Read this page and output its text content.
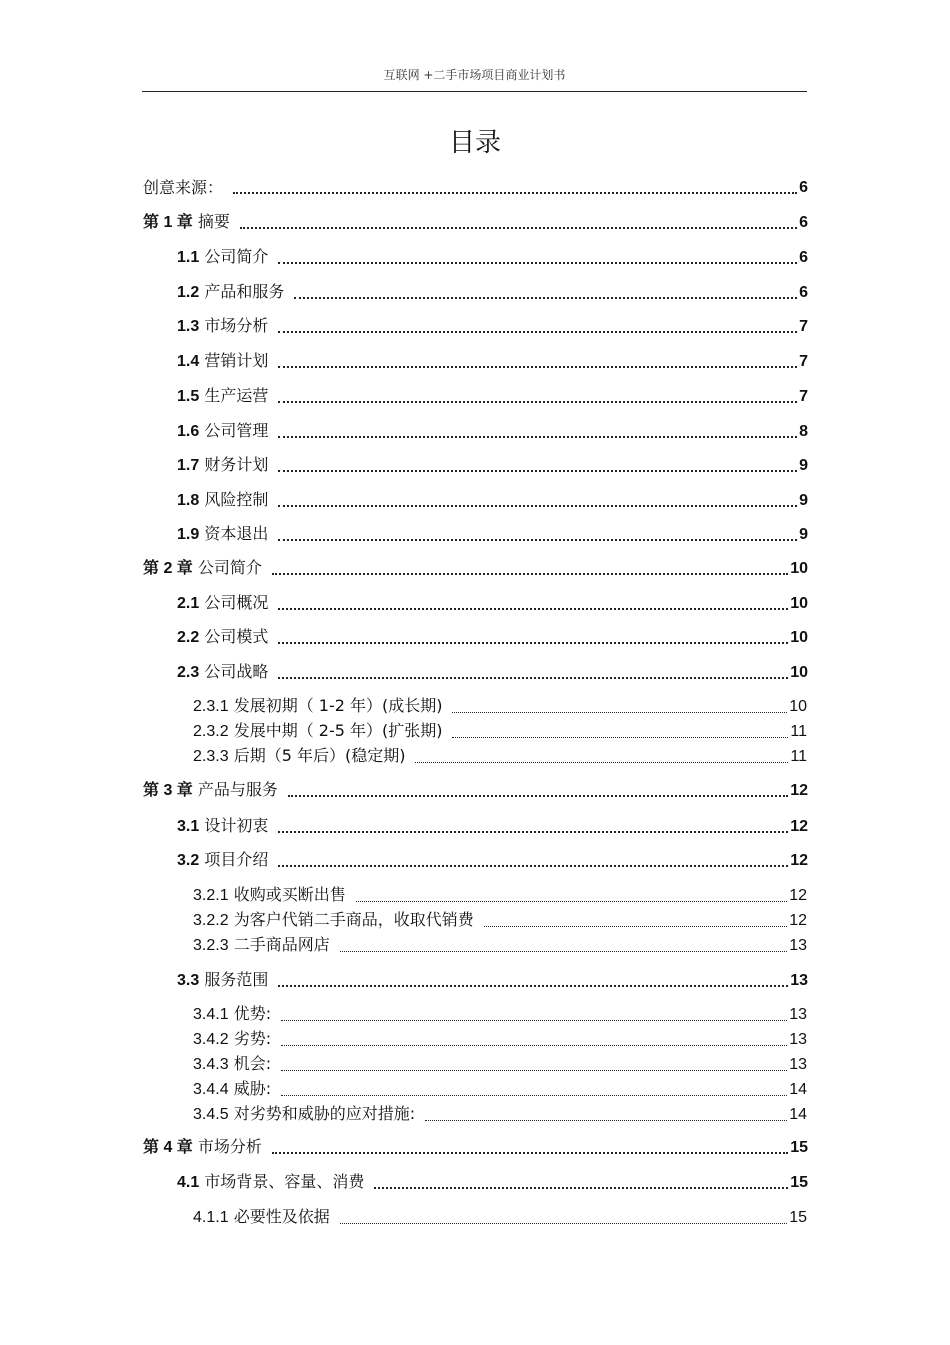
互联网 +二手市场项目商业计划书
目录
创意来源：	6
第 1 章 摘要	6
1.1 公司简介	6
1.2 产品和服务	6
1.3 市场分析	7
1.4 营销计划	7
1.5 生产运营	7
1.6 公司管理	8
1.7 财务计划	9
1.8 风险控制	9
1.9 资本退出	9
第 2 章 公司简介	10
2.1 公司概况	10
2.2 公司模式	10
2.3 公司战略	10
2.3.1 发展初期（ 1-2 年）(成长期)	10
2.3.2 发展中期（ 2-5 年）(扩张期)	11
2.3.3 后期（5 年后）(稳定期)	11
第 3 章 产品与服务	12
3.1 设计初衷	12
3.2 项目介绍	12
3.2.1 收购或买断出售	12
3.2.2 为客户代销二手商品，收取代销费	12
3.2.3 二手商品网店	13
3.3 服务范围	13
3.4.1 优势:	13
3.4.2 劣势:	13
3.4.3 机会:	13
3.4.4 威胁:	14
3.4.5 对劣势和威胁的应对措施:	14
第 4 章 市场分析	15
4.1 市场背景、容量、消费	15
4.1.1 必要性及依据	15
